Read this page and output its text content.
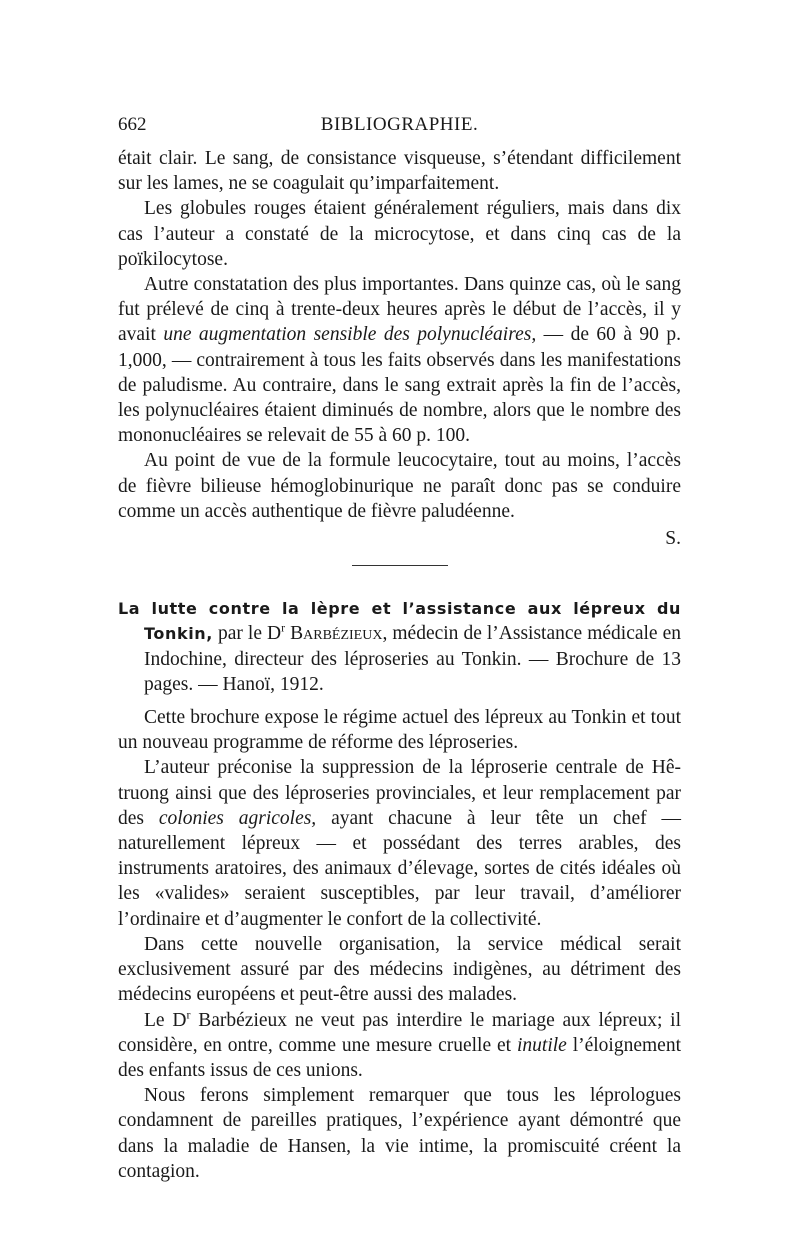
662	BIBLIOGRAPHIE.

était clair. Le sang, de consistance visqueuse, s’étendant difficilement sur les lames, ne se coagulait qu’imparfaitement.

Les globules rouges étaient généralement réguliers, mais dans dix cas l’auteur a constaté de la microcytose, et dans cinq cas de la poïkilocytose.

Autre constatation des plus importantes. Dans quinze cas, où le sang fut prélevé de cinq à trente-deux heures après le début de l’accès, il y avait une augmentation sensible des polynucléaires, — de 60 à 90 p. 1,000, — contrairement à tous les faits observés dans les manifestations de paludisme. Au contraire, dans le sang extrait après la fin de l’accès, les polynucléaires étaient diminués de nombre, alors que le nombre des mononucléaires se relevait de 55 à 60 p. 100.

Au point de vue de la formule leucocytaire, tout au moins, l’accès de fièvre bilieuse hémoglobinurique ne paraît donc pas se conduire comme un accès authentique de fièvre paludéenne.

S.

La lutte contre la lèpre et l’assistance aux lépreux du Tonkin, par le $D^r$ Barbézieux, médecin de l’Assistance médicale en Indochine, directeur des léproseries au Tonkin. — Brochure de 13 pages. — Hanoï, 1912.

Cette brochure expose le régime actuel des lépreux au Tonkin et tout un nouveau programme de réforme des léproseries.

L’auteur préconise la suppression de la léproserie centrale de Hê-truong ainsi que des léproseries provinciales, et leur remplacement par des colonies agricoles, ayant chacune à leur tête un chef — naturellement lépreux — et possédant des terres arables, des instruments aratoires, des animaux d’élevage, sortes de cités idéales où les «valides» seraient susceptibles, par leur travail, d’améliorer l’ordinaire et d’augmenter le confort de la collectivité.

Dans cette nouvelle organisation, la service médical serait exclusivement assuré par des médecins indigènes, au détriment des médecins européens et peut-être aussi des malades.

Le $D^r$ Barbézieux ne veut pas interdire le mariage aux lépreux; il considère, en ontre, comme une mesure cruelle et inutile l’éloignement des enfants issus de ces unions.

Nous ferons simplement remarquer que tous les léprologues condamnent de pareilles pratiques, l’expérience ayant démontré que dans la maladie de Hansen, la vie intime, la promiscuité créent la contagion.
